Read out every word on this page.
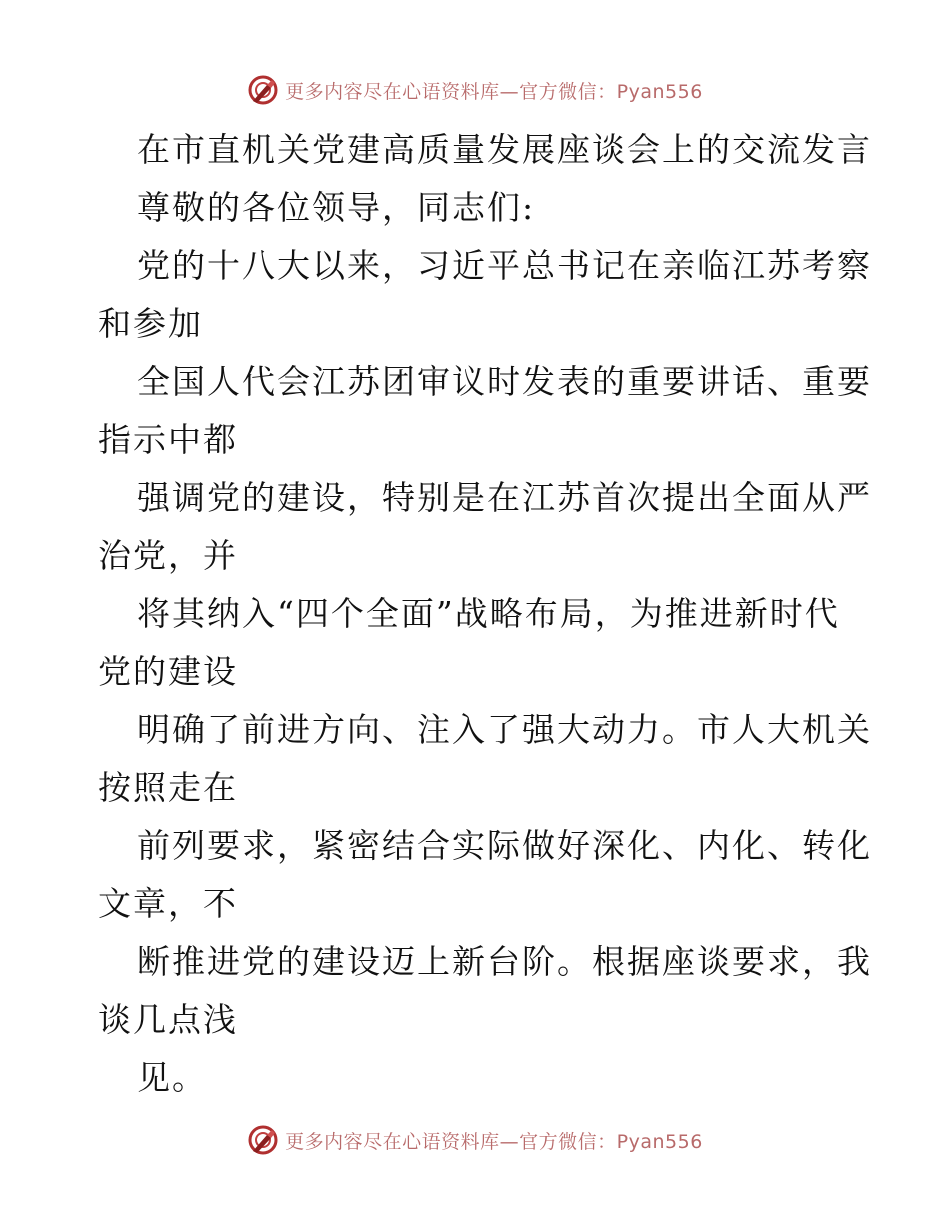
更多内容尽在心语资料库—官方微信：Pyan556
在市直机关党建高质量发展座谈会上的交流发言
尊敬的各位领导，同志们:
党的十八大以来，习近平总书记在亲临江苏考察
和参加
全国人代会江苏团审议时发表的重要讲话、重要
指示中都
强调党的建设，特别是在江苏首次提出全面从严
治党，并
将其纳入“四个全面”战略布局，为推进新时代
党的建设
明确了前进方向、注入了强大动力。市人大机关
按照走在
前列要求，紧密结合实际做好深化、内化、转化
文章，不
断推进党的建设迈上新台阶。根据座谈要求，我
谈几点浅
见。
更多内容尽在心语资料库—官方微信：Pyan556
